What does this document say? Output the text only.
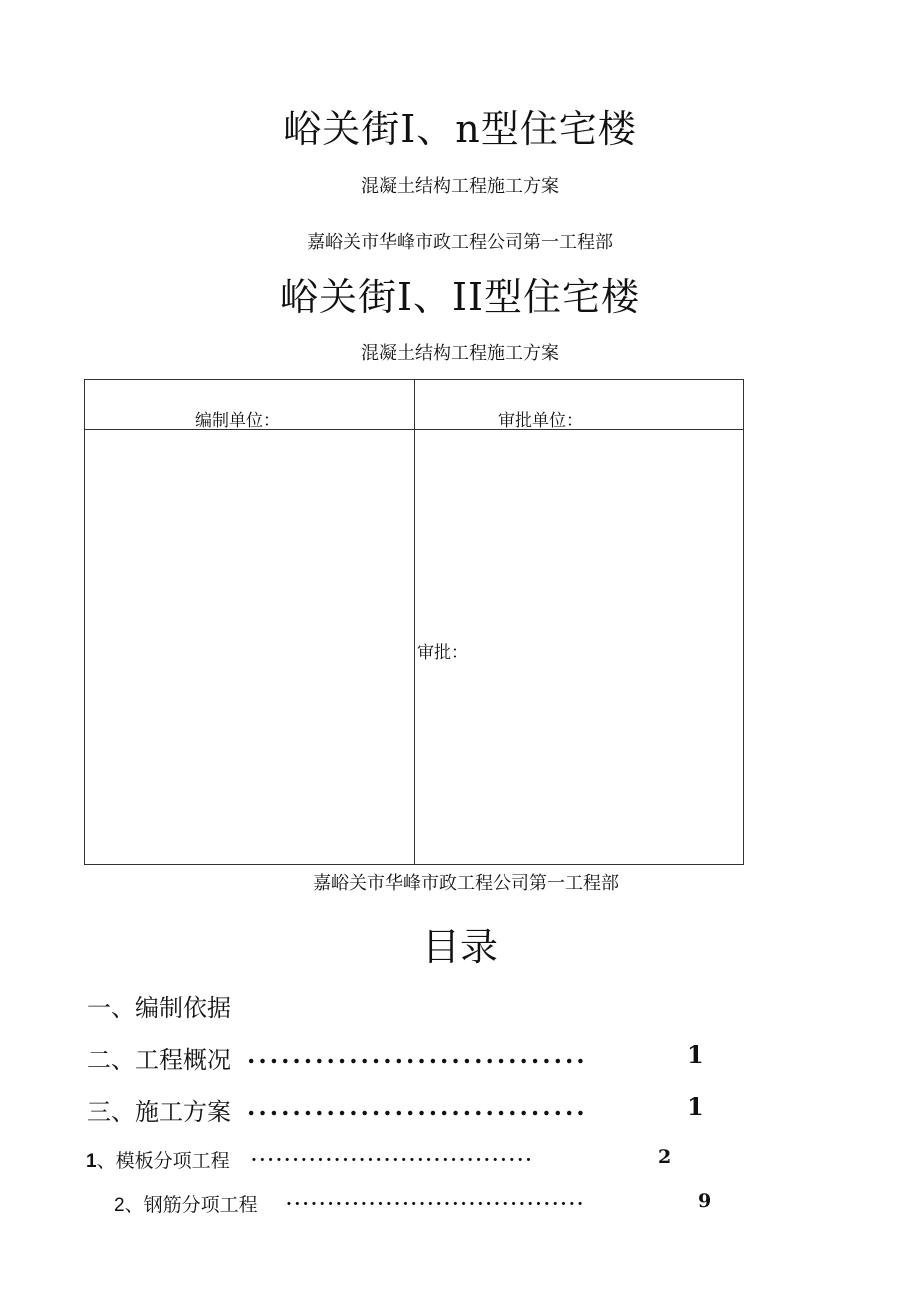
峪关街I、n型住宅楼
混凝土结构工程施工方案
嘉峪关市华峰市政工程公司第一工程部
峪关街I、II型住宅楼
混凝土结构工程施工方案
编制单位：	审批单位：
审批：
嘉峪关市华峰市政工程公司第一工程部
目录
一、编制依据
二、工程概况 ..............................	1
三、施工方案 ..............................	1
1、模板分项工程 ..................................	2
2、钢筋分项工程 ....................................	9
